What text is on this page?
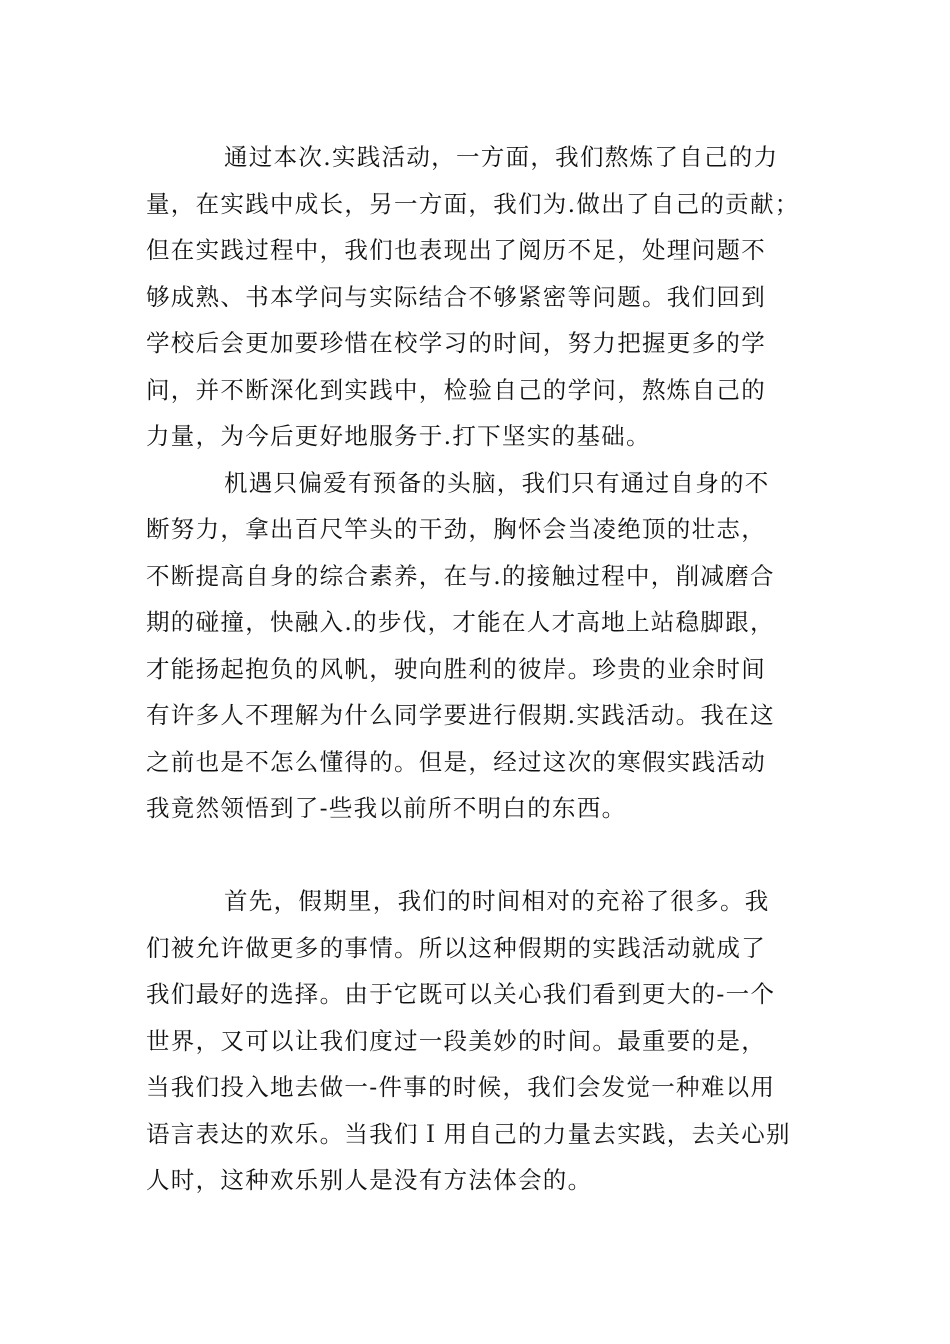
通过本次.实践活动，一方面，我们熬炼了自己的力
量，在实践中成长，另一方面，我们为.做出了自己的贡献；
但在实践过程中，我们也表现出了阅历不足，处理问题不
够成熟、书本学问与实际结合不够紧密等问题。我们回到
学校后会更加要珍惜在校学习的时间，努力把握更多的学
问，并不断深化到实践中，检验自己的学问，熬炼自己的
力量，为今后更好地服务于.打下坚实的基础。
机遇只偏爱有预备的头脑，我们只有通过自身的不
断努力，拿出百尺竿头的干劲，胸怀会当凌绝顶的壮志，
不断提高自身的综合素养，在与.的接触过程中，削减磨合
期的碰撞，快融入.的步伐，才能在人才高地上站稳脚跟，
才能扬起抱负的风帆，驶向胜利的彼岸。珍贵的业余时间
有许多人不理解为什么同学要进行假期.实践活动。我在这
之前也是不怎么懂得的。但是，经过这次的寒假实践活动
我竟然领悟到了-些我以前所不明白的东西。
首先，假期里，我们的时间相对的充裕了很多。我
们被允许做更多的事情。所以这种假期的实践活动就成了
我们最好的选择。由于它既可以关心我们看到更大的-一个
世界，又可以让我们度过一段美妙的时间。最重要的是，
当我们投入地去做一-件事的时候，我们会发觉一种难以用
语言表达的欢乐。当我们Ｉ用自己的力量去实践，去关心别
人时，这种欢乐别人是没有方法体会的。
